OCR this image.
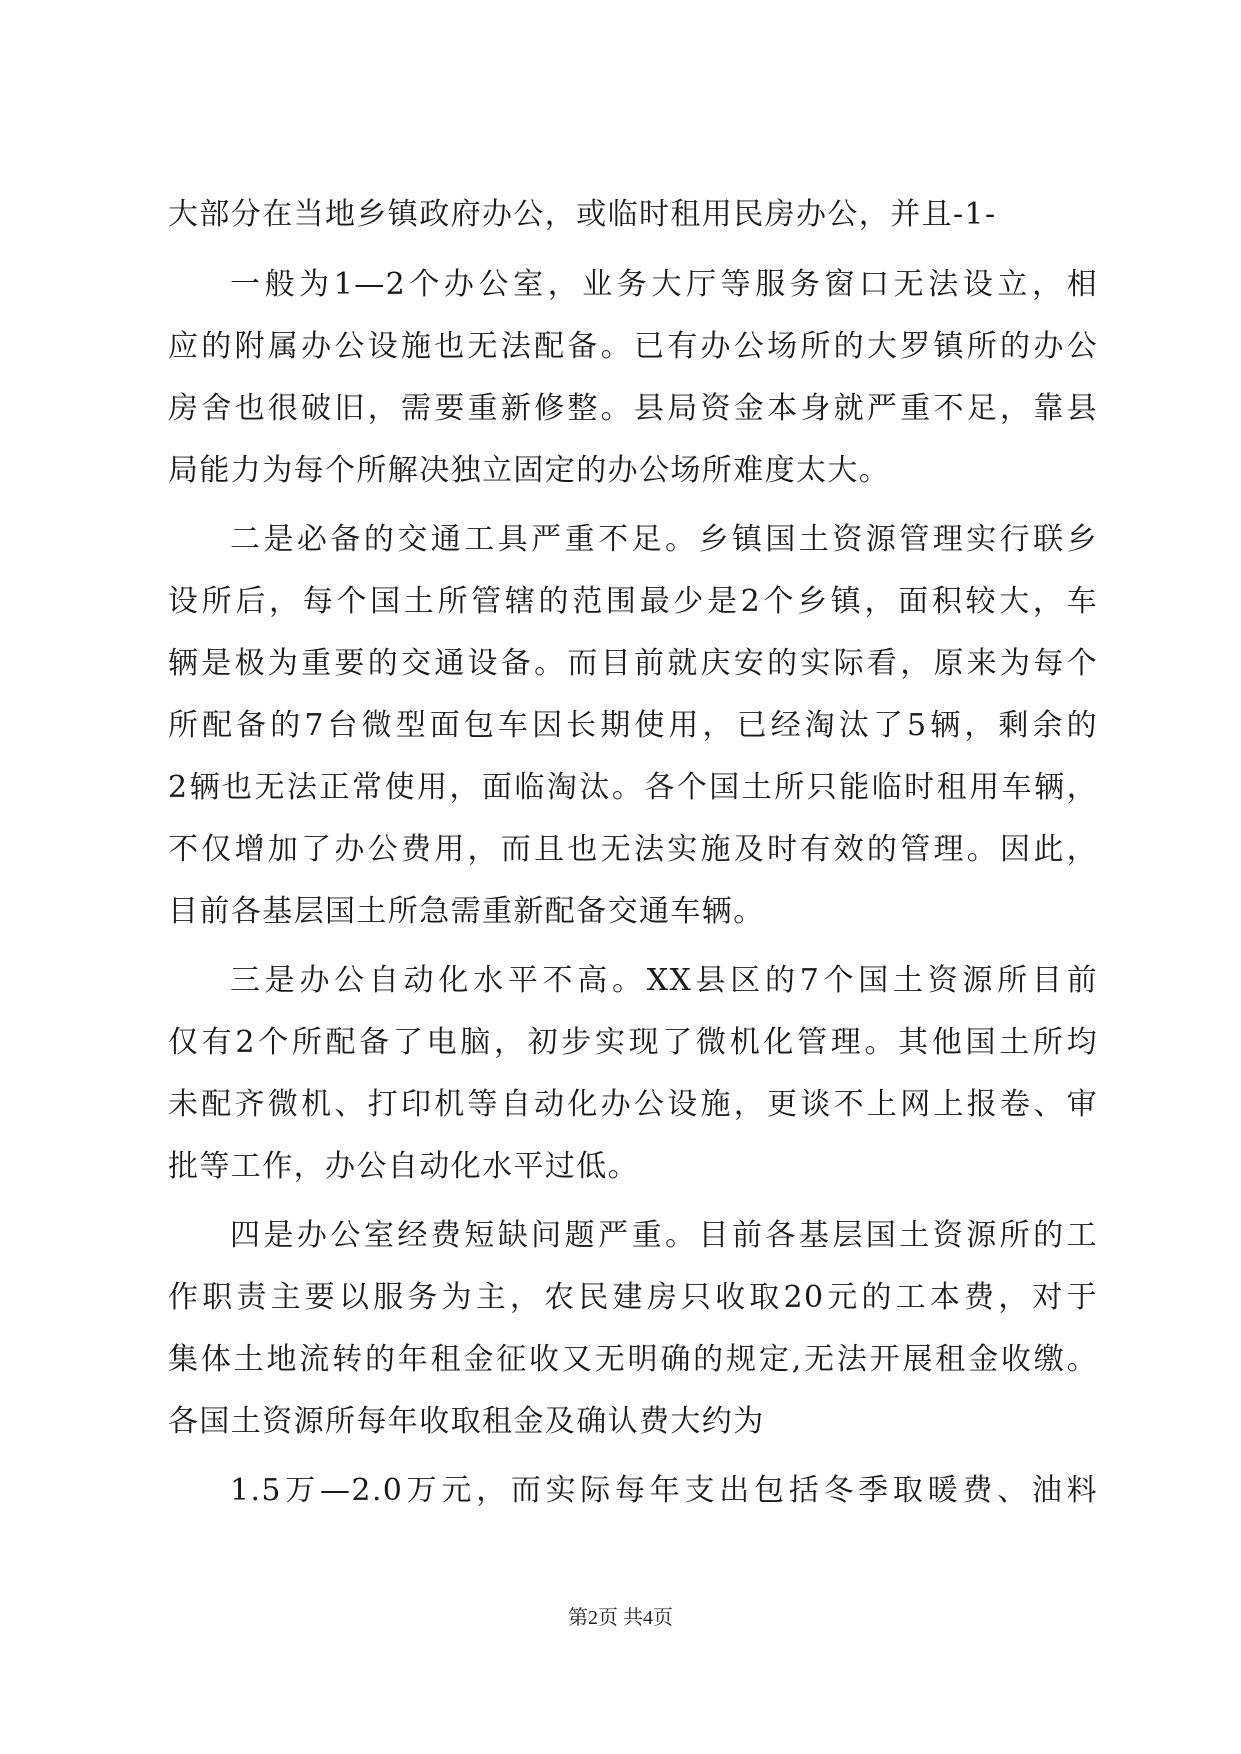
大部分在当地乡镇政府办公，或临时租用民房办公，并且-1-
一般为1—2个办公室，业务大厅等服务窗口无法设立，相
应的附属办公设施也无法配备。已有办公场所的大罗镇所的办公
房舍也很破旧，需要重新修整。县局资金本身就严重不足，靠县
局能力为每个所解决独立固定的办公场所难度太大。
二是必备的交通工具严重不足。乡镇国土资源管理实行联乡
设所后，每个国土所管辖的范围最少是2个乡镇，面积较大，车
辆是极为重要的交通设备。而目前就庆安的实际看，原来为每个
所配备的7台微型面包车因长期使用，已经淘汰了5辆，剩余的
2辆也无法正常使用，面临淘汰。各个国土所只能临时租用车辆，
不仅增加了办公费用，而且也无法实施及时有效的管理。因此，
目前各基层国土所急需重新配备交通车辆。
三是办公自动化水平不高。XX县区的7个国土资源所目前
仅有2个所配备了电脑，初步实现了微机化管理。其他国土所均
未配齐微机、打印机等自动化办公设施，更谈不上网上报卷、审
批等工作，办公自动化水平过低。
四是办公室经费短缺问题严重。目前各基层国土资源所的工
作职责主要以服务为主，农民建房只收取20元的工本费，对于
集体土地流转的年租金征收又无明确的规定,无法开展租金收缴。
各国土资源所每年收取租金及确认费大约为
1.5万—2.0万元，而实际每年支出包括冬季取暖费、油料
第2页 共4页
